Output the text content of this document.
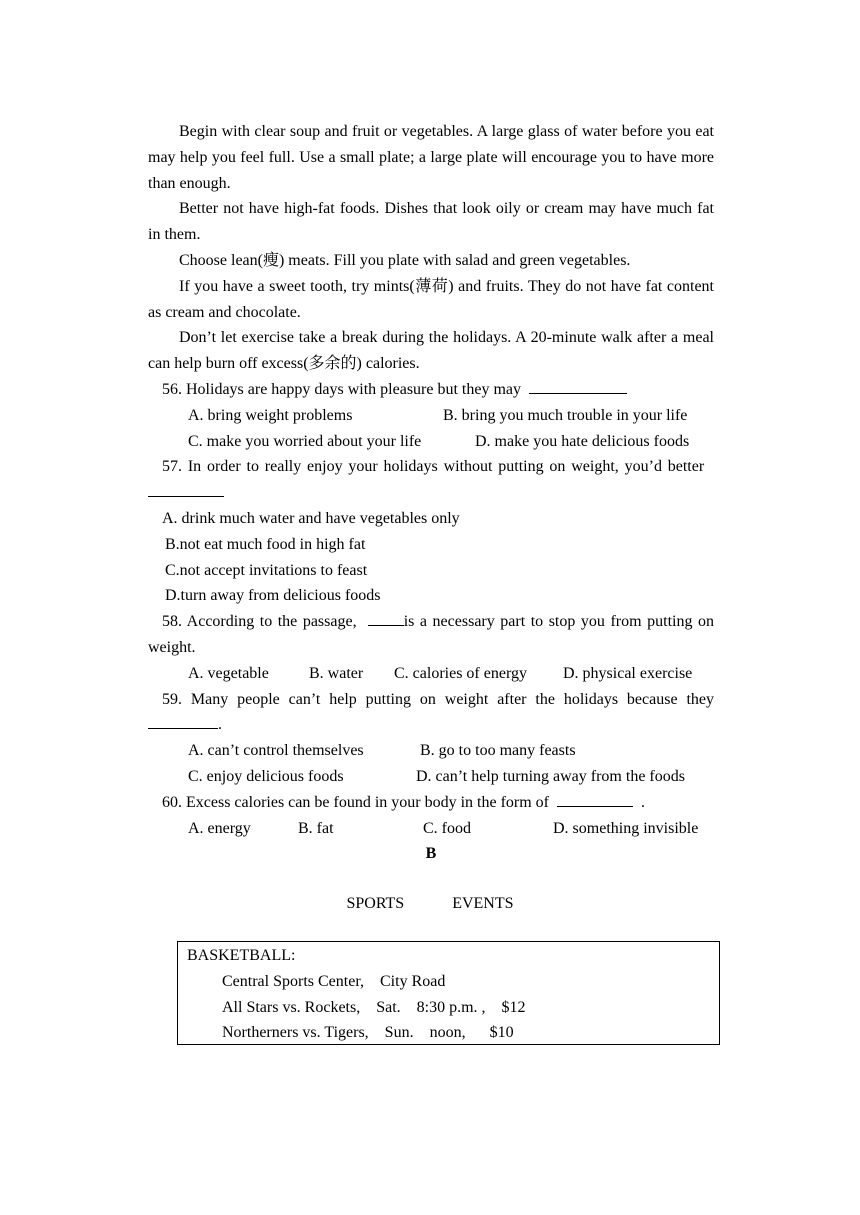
Begin with clear soup and fruit or vegetables. A large glass of water before you eat may help you feel full. Use a small plate; a large plate will encourage you to have more than enough.

Better not have high-fat foods. Dishes that look oily or cream may have much fat in them.

Choose lean(瘦) meats. Fill you plate with salad and green vegetables.

If you have a sweet tooth, try mints(薄荷) and fruits. They do not have fat content as cream and chocolate.

Don’t let exercise take a break during the holidays. A 20-minute walk after a meal can help burn off excess(多余的) calories.

56. Holidays are happy days with pleasure but they may

A. bring weight problems	B. bring you much trouble in your life
C. make you worried about your life	D. make you hate delicious foods

57. In order to really enjoy your holidays without putting on weight, you’d better

A. drink much water and have vegetables only

B.not eat much food in high fat

C.not accept invitations to feast

D.turn away from delicious foods

58. According to the passage,	is a necessary part to stop you from putting on weight.

A. vegetable	B. water C. calories of energy D. physical exercise

59. Many people can’t help putting on weight after the holidays because they.

A. can’t control themselves	B. go to too many feasts
C. enjoy delicious foods	D. can’t help turning away from the foods

60. Excess calories can be found in your body in the form of	.

A. energy	B. fat	C. food	D. something invisible

B

SPORTS    EVENTS
BASKETBALL:
Central Sports Center,    City Road
All Stars vs. Rockets,    Sat.    8:30 p.m. ,    $12
Northerners vs. Tigers,    Sun.    noon,      $10
